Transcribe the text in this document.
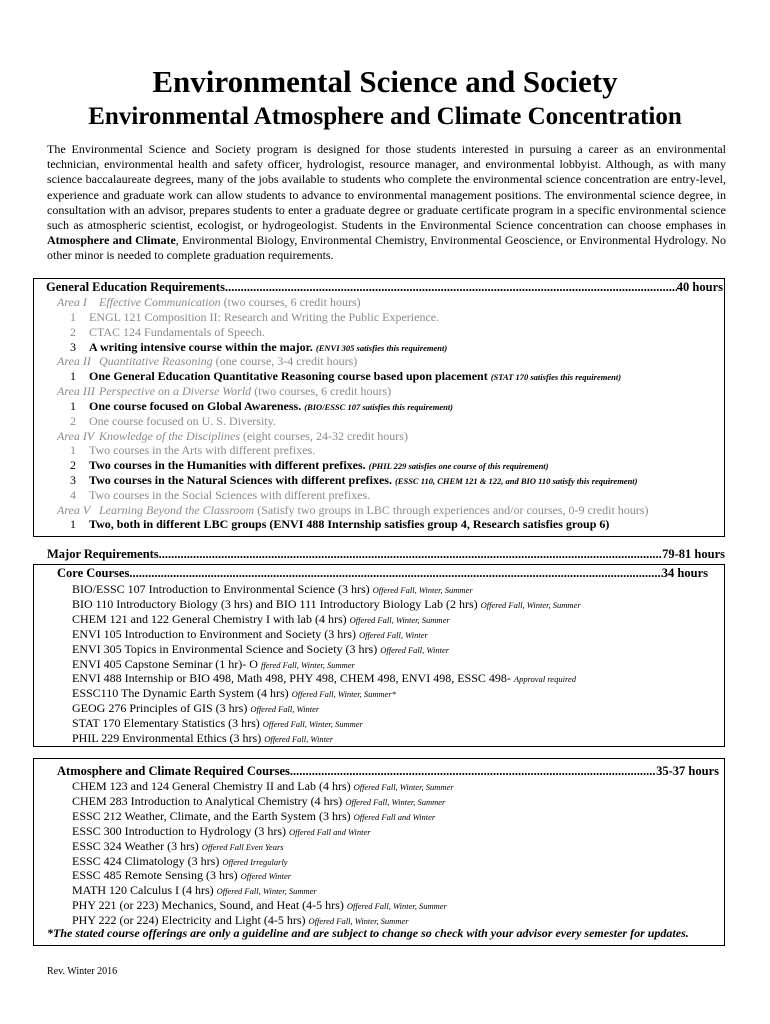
Environmental Science and Society
Environmental Atmosphere and Climate Concentration

The Environmental Science and Society program is designed for those students interested in pursuing a career as an environmental technician, environmental health and safety officer, hydrologist, resource manager, and environmental lobbyist. Although, as with many science baccalaureate degrees, many of the jobs available to students who complete the environmental science concentration are entry-level, experience and graduate work can allow students to advance to environmental management positions. The environmental science degree, in consultation with an advisor, prepares students to enter a graduate degree or graduate certificate program in a specific environmental science such as atmospheric scientist, ecologist, or hydrogeologist. Students in the Environmental Science concentration can choose emphases in Atmosphere and Climate, Environmental Biology, Environmental Chemistry, Environmental Geoscience, or Environmental Hydrology. No other minor is needed to complete graduation requirements.

General Education Requirements .....	40 hours
Area I Effective Communication (two courses, 6 credit hours)
1 ENGL 121 Composition II: Research and Writing the Public Experience.
2 CTAC 124 Fundamentals of Speech.
3 A writing intensive course within the major. (ENVI 305 satisfies this requirement)
Area II Quantitative Reasoning (one course, 3-4 credit hours)
1 One General Education Quantitative Reasoning course based upon placement (STAT 170 satisfies this requirement)
Area III Perspective on a Diverse World (two courses, 6 credit hours)
1 One course focused on Global Awareness. (BIO/ESSC 107 satisfies this requirement)
2 One course focused on U. S. Diversity.
Area IV Knowledge of the Disciplines (eight courses, 24-32 credit hours)
1 Two courses in the Arts with different prefixes.
2 Two courses in the Humanities with different prefixes. (PHIL 229 satisfies one course of this requirement)
3 Two courses in the Natural Sciences with different prefixes. (ESSC 110, CHEM 121 & 122, and BIO 110 satisfy this requirement)
4 Two courses in the Social Sciences with different prefixes.
Area V Learning Beyond the Classroom (Satisfy two groups in LBC through experiences and/or courses, 0-9 credit hours)
1 Two, both in different LBC groups (ENVI 488 Internship satisfies group 4, Research satisfies group 6)
Major Requirements .....	79-81 hours
Core Courses .....	34 hours
BIO/ESSC 107 Introduction to Environmental Science (3 hrs) Offered Fall, Winter, Summer
BIO 110 Introductory Biology (3 hrs) and BIO 111 Introductory Biology Lab (2 hrs) Offered Fall, Winter, Summer
CHEM 121 and 122 General Chemistry I with lab (4 hrs) Offered Fall, Winter, Summer
ENVI 105 Introduction to Environment and Society (3 hrs) Offered Fall, Winter
ENVI 305 Topics in Environmental Science and Society (3 hrs) Offered Fall, Winter
ENVI 405 Capstone Seminar (1 hr)- O ffered Fall, Winter, Summer
ENVI 488 Internship or BIO 498, Math 498, PHY 498, CHEM 498, ENVI 498, ESSC 498- Approval required
ESSC110 The Dynamic Earth System (4 hrs) Offered Fall, Winter, Summer*
GEOG 276 Principles of GIS (3 hrs) Offered Fall, Winter
STAT 170 Elementary Statistics (3 hrs) Offered Fall, Winter, Summer
PHIL 229 Environmental Ethics (3 hrs) Offered Fall, Winter
Atmosphere and Climate Required Courses .....	35-37 hours
CHEM 123 and 124 General Chemistry II and Lab (4 hrs) Offered Fall, Winter, Summer
CHEM 283 Introduction to Analytical Chemistry (4 hrs) Offered Fall, Winter, Summer
ESSC 212 Weather, Climate, and the Earth System (3 hrs) Offered Fall and Winter
ESSC 300 Introduction to Hydrology (3 hrs) Offered Fall and Winter
ESSC 324 Weather (3 hrs) Offered Fall Even Years
ESSC 424 Climatology (3 hrs) Offered Irregularly
ESSC 485 Remote Sensing (3 hrs) Offered Winter
MATH 120 Calculus I (4 hrs) Offered Fall, Winter, Summer
PHY 221 (or 223) Mechanics, Sound, and Heat (4-5 hrs) Offered Fall, Winter, Summer
PHY 222 (or 224) Electricity and Light (4-5 hrs) Offered Fall, Winter, Summer
*The stated course offerings are only a guideline and are subject to change so check with your advisor every semester for updates.
Rev. Winter 2016
